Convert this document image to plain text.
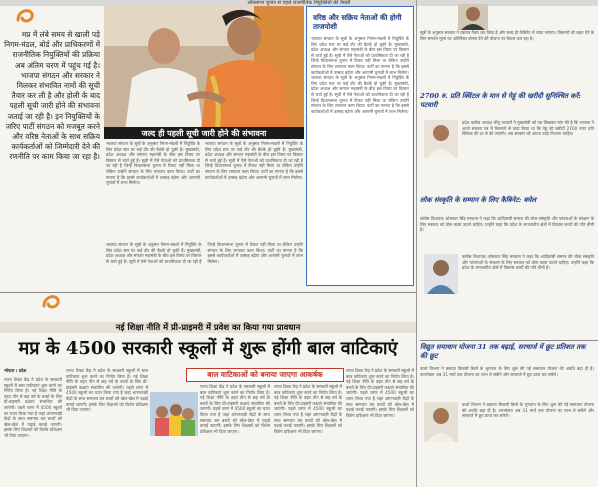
लोकसभा चुनाव से पहले राजनीतिक नियुक्तियों की तैयारी
मप्र में लंबे समय से खाली पड़े निगम-मंडल, बोर्ड और प्राधिकरणों में राजनीतिक नियुक्तियों की प्रक्रिया अब अंतिम चरण में पहुंच गई है। भाजपा संगठन और सरकार ने मिलकर संभावित नामों की सूची तैयार कर ली है और होली के बाद पहली सूची जारी होने की संभावना जताई जा रही है। इन नियुक्तियों के जरिए पार्टी संगठन को मजबूत करने और वरिष्ठ नेताओं के साथ सक्रिय कार्यकर्ताओं को जिम्मेदारी देने की रणनीति पर काम किया जा रहा है।
जल्द ही पहली सूची जारी होने की संभावना
भाजपा संगठन के सूत्रों के अनुसार निगम-मंडलों में नियुक्ति के लिए प्रदेश स्तर पर कई दौर की बैठकें हो चुकी हैं। मुख्यमंत्री, प्रदेश अध्यक्ष और संगठन महामंत्री के बीच इस विषय पर विस्तार से चर्चा हुई है। सूची में ऐसे नेताओं को प्राथमिकता दी जा रही है जिन्हें विधानसभा चुनाव में टिकट नहीं मिला था लेकिन उन्होंने संगठन के लिए लगातार काम किया। पार्टी का मानना है कि इससे कार्यकर्ताओं में उत्साह बढ़ेगा और आगामी चुनावों में लाभ मिलेगा।
भाजपा संगठन के सूत्रों के अनुसार निगम-मंडलों में नियुक्ति के लिए प्रदेश स्तर पर कई दौर की बैठकें हो चुकी हैं। मुख्यमंत्री, प्रदेश अध्यक्ष और संगठन महामंत्री के बीच इस विषय पर विस्तार से चर्चा हुई है। सूची में ऐसे नेताओं को प्राथमिकता दी जा रही है जिन्हें विधानसभा चुनाव में टिकट नहीं मिला था लेकिन उन्होंने संगठन के लिए लगातार काम किया। पार्टी का मानना है कि इससे कार्यकर्ताओं में उत्साह बढ़ेगा और आगामी चुनावों में लाभ मिलेगा।
भाजपा संगठन के सूत्रों के अनुसार निगम-मंडलों में नियुक्ति के लिए प्रदेश स्तर पर कई दौर की बैठकें हो चुकी हैं। मुख्यमंत्री, प्रदेश अध्यक्ष और संगठन महामंत्री के बीच इस विषय पर विस्तार से चर्चा हुई है। सूची में ऐसे नेताओं को प्राथमिकता दी जा रही है जिन्हें विधानसभा चुनाव में टिकट नहीं मिला था लेकिन उन्होंने संगठन के लिए लगातार काम किया। पार्टी का मानना है कि इससे कार्यकर्ताओं में उत्साह बढ़ेगा और आगामी चुनावों में लाभ मिलेगा।
वरिष्ठ और सक्रिय नेताओं की होगी ताजपोशी
भाजपा संगठन के सूत्रों के अनुसार निगम-मंडलों में नियुक्ति के लिए प्रदेश स्तर पर कई दौर की बैठकें हो चुकी हैं। मुख्यमंत्री, प्रदेश अध्यक्ष और संगठन महामंत्री के बीच इस विषय पर विस्तार से चर्चा हुई है। सूची में ऐसे नेताओं को प्राथमिकता दी जा रही है जिन्हें विधानसभा चुनाव में टिकट नहीं मिला था लेकिन उन्होंने संगठन के लिए लगातार काम किया। पार्टी का मानना है कि इससे कार्यकर्ताओं में उत्साह बढ़ेगा और आगामी चुनावों में लाभ मिलेगा। भाजपा संगठन के सूत्रों के अनुसार निगम-मंडलों में नियुक्ति के लिए प्रदेश स्तर पर कई दौर की बैठकें हो चुकी हैं। मुख्यमंत्री, प्रदेश अध्यक्ष और संगठन महामंत्री के बीच इस विषय पर विस्तार से चर्चा हुई है। सूची में ऐसे नेताओं को प्राथमिकता दी जा रही है जिन्हें विधानसभा चुनाव में टिकट नहीं मिला था लेकिन उन्होंने संगठन के लिए लगातार काम किया। पार्टी का मानना है कि इससे कार्यकर्ताओं में उत्साह बढ़ेगा और आगामी चुनावों में लाभ मिलेगा।
सूत्रों के अनुसार सरकार ने प्रस्ताव तैयार कर लिया है और जल्द ही कैबिनेट में लाया जाएगा। किसानों को राहत देने के लिए समर्थन मूल्य पर अतिरिक्त बोनस देने की योजना पर विचार चल रहा है।
2700 रु. प्रति क्विंटल के मान से गेहूं की खरीदी सुनिश्चित करें: पटवारी
प्रदेश कांग्रेस अध्यक्ष जीतू पटवारी ने मुख्यमंत्री को पत्र लिखकर मांग की है कि भाजपा ने अपने संकल्प पत्र में किसानों से वादा किया था कि गेहूं की खरीदी 2700 रुपए प्रति क्विंटल की दर से की जाएगी। अब सरकार को अपना वादा निभाना चाहिए।
लोक संस्कृति के सम्मान के लिए कैबिनेट: बघेल
कांग्रेस विधायक ओमकार सिंह मरकाम ने कहा कि आदिवासी समाज की लोक संस्कृति और परंपराओं के संरक्षण के लिए सरकार को ठोस कदम उठाने चाहिए। उन्होंने कहा कि प्रदेश के जनजातीय क्षेत्रों में विकास कार्यों की गति धीमी है।
कांग्रेस विधायक ओमकार सिंह मरकाम ने कहा कि आदिवासी समाज की लोक संस्कृति और परंपराओं के संरक्षण के लिए सरकार को ठोस कदम उठाने चाहिए। उन्होंने कहा कि प्रदेश के जनजातीय क्षेत्रों में विकास कार्यों की गति धीमी है।
नई शिक्षा नीति में प्री-प्राइमरी में प्रवेश का किया गया प्रावधान
मप्र के 4500 सरकारी स्कूलों में शुरू होंगी बाल वाटिकाएं
भोपाल । प्रदेश
राज्य शिक्षा केंद्र ने प्रदेश के सरकारी स्कूलों में बाल वाटिकाएं शुरू करने का निर्णय लिया है। नई शिक्षा नीति के तहत तीन से छह वर्ष के बच्चों के लिए प्री-प्राइमरी कक्षाएं संचालित की जाएंगी। पहले चरण में 4500 स्कूलों का चयन किया गया है जहां आंगनवाड़ी केंद्रों के साथ समन्वय कर बच्चों को खेल-खेल में पढ़ाई कराई जाएगी। इसके लिए शिक्षकों को विशेष प्रशिक्षण भी दिया जाएगा।
राज्य शिक्षा केंद्र ने प्रदेश के सरकारी स्कूलों में बाल वाटिकाएं शुरू करने का निर्णय लिया है। नई शिक्षा नीति के तहत तीन से छह वर्ष के बच्चों के लिए प्री-प्राइमरी कक्षाएं संचालित की जाएंगी। पहले चरण में 4500 स्कूलों का चयन किया गया है जहां आंगनवाड़ी केंद्रों के साथ समन्वय कर बच्चों को खेल-खेल में पढ़ाई कराई जाएगी। इसके लिए शिक्षकों को विशेष प्रशिक्षण भी दिया जाएगा।
बाल वाटिकाओं को बनाया जाएगा आकर्षक
राज्य शिक्षा केंद्र ने प्रदेश के सरकारी स्कूलों में बाल वाटिकाएं शुरू करने का निर्णय लिया है। नई शिक्षा नीति के तहत तीन से छह वर्ष के बच्चों के लिए प्री-प्राइमरी कक्षाएं संचालित की जाएंगी। पहले चरण में 4500 स्कूलों का चयन किया गया है जहां आंगनवाड़ी केंद्रों के साथ समन्वय कर बच्चों को खेल-खेल में पढ़ाई कराई जाएगी। इसके लिए शिक्षकों को विशेष प्रशिक्षण भी दिया जाएगा।
राज्य शिक्षा केंद्र ने प्रदेश के सरकारी स्कूलों में बाल वाटिकाएं शुरू करने का निर्णय लिया है। नई शिक्षा नीति के तहत तीन से छह वर्ष के बच्चों के लिए प्री-प्राइमरी कक्षाएं संचालित की जाएंगी। पहले चरण में 4500 स्कूलों का चयन किया गया है जहां आंगनवाड़ी केंद्रों के साथ समन्वय कर बच्चों को खेल-खेल में पढ़ाई कराई जाएगी। इसके लिए शिक्षकों को विशेष प्रशिक्षण भी दिया जाएगा।
राज्य शिक्षा केंद्र ने प्रदेश के सरकारी स्कूलों में बाल वाटिकाएं शुरू करने का निर्णय लिया है। नई शिक्षा नीति के तहत तीन से छह वर्ष के बच्चों के लिए प्री-प्राइमरी कक्षाएं संचालित की जाएंगी। पहले चरण में 4500 स्कूलों का चयन किया गया है जहां आंगनवाड़ी केंद्रों के साथ समन्वय कर बच्चों को खेल-खेल में पढ़ाई कराई जाएगी। इसके लिए शिक्षकों को विशेष प्रशिक्षण भी दिया जाएगा।
विद्युत समाधान योजना 31 तक बढ़ाई, सरचार्ज में छूट प्रतिशत तक की छूट
ऊर्जा विभाग ने बकाया बिजली बिलों के भुगतान के लिए शुरू की गई समाधान योजना की अवधि बढ़ा दी है। उपभोक्ता अब 31 मार्च तक योजना का लाभ ले सकेंगे और सरचार्ज में छूट प्राप्त कर सकेंगे।
ऊर्जा विभाग ने बकाया बिजली बिलों के भुगतान के लिए शुरू की गई समाधान योजना की अवधि बढ़ा दी है। उपभोक्ता अब 31 मार्च तक योजना का लाभ ले सकेंगे और सरचार्ज में छूट प्राप्त कर सकेंगे।
